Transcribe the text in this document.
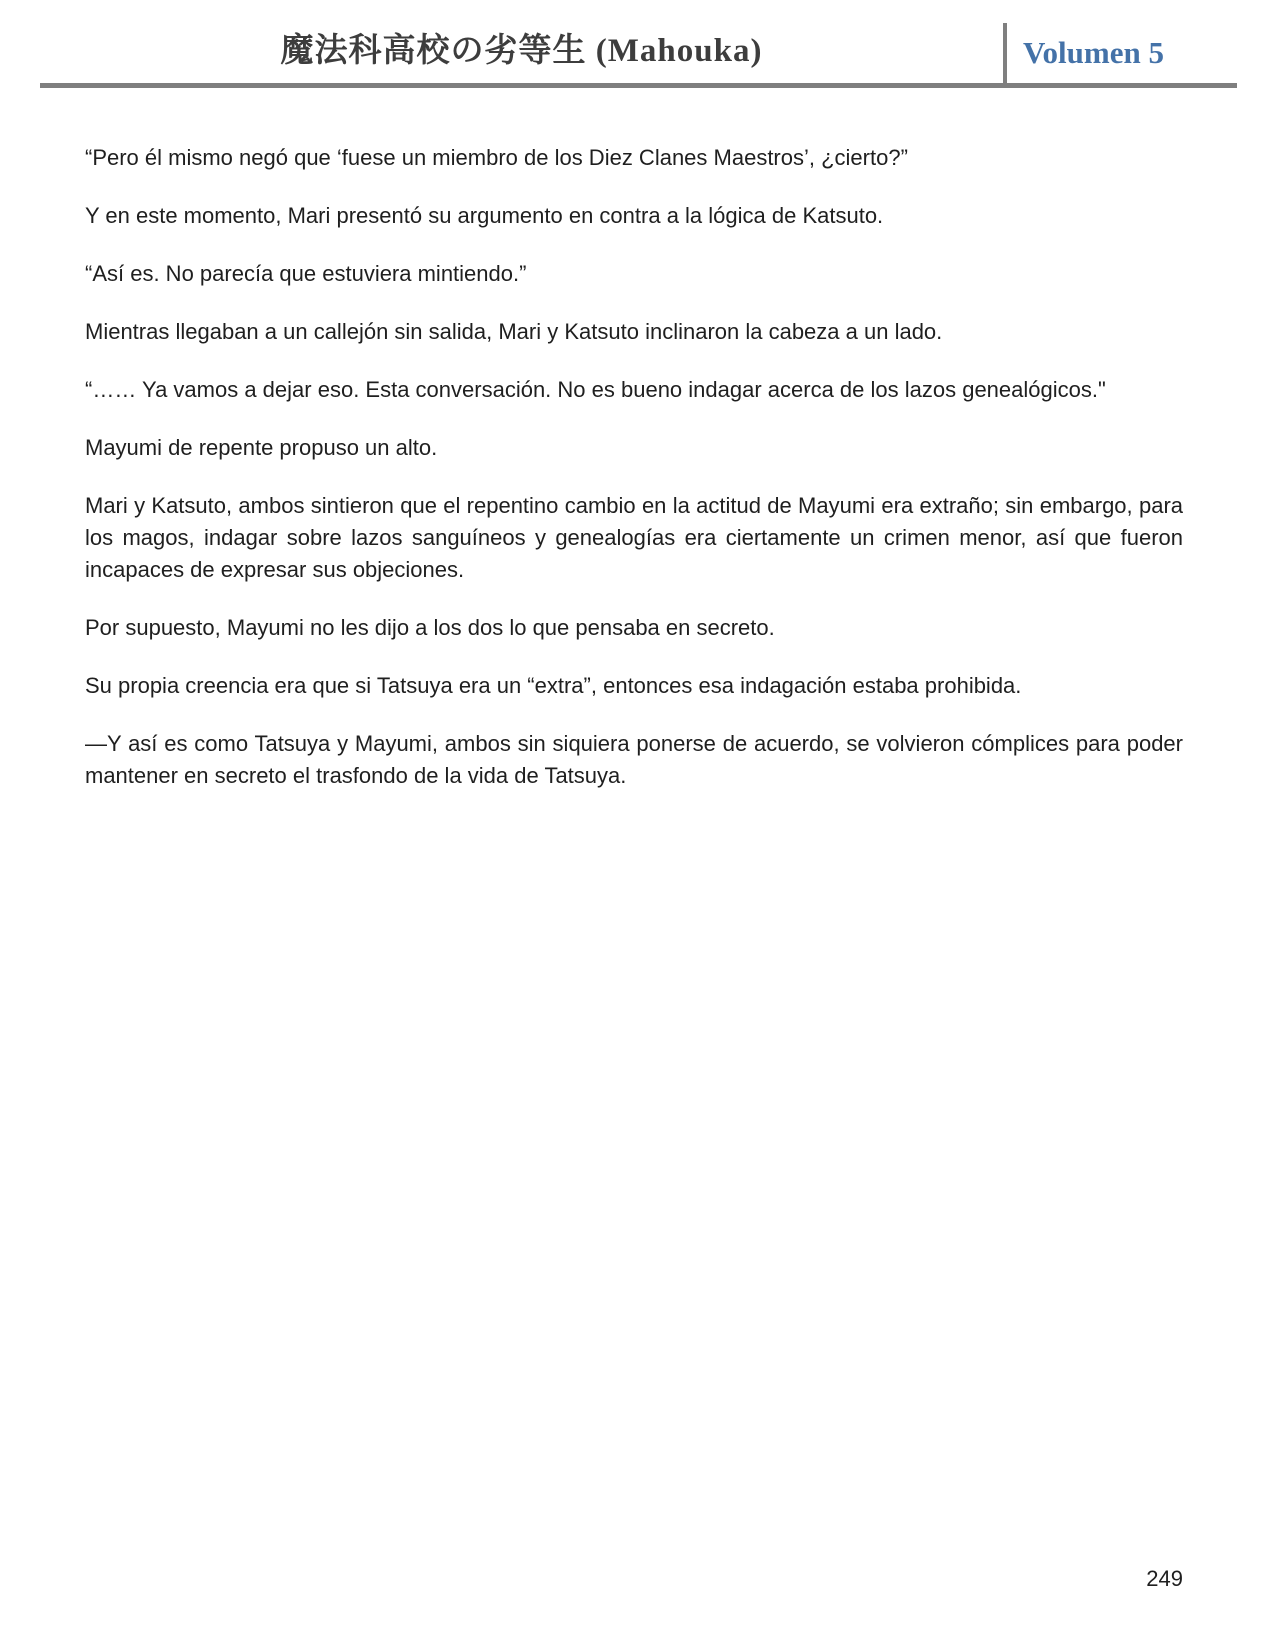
魔法科高校の劣等生 (Mahouka)	Volumen 5

“Pero él mismo negó que ‘fuese un miembro de los Diez Clanes Maestros’, ¿cierto?”

Y en este momento, Mari presentó su argumento en contra a la lógica de Katsuto.

“Así es. No parecía que estuviera mintiendo.”

Mientras llegaban a un callejón sin salida, Mari y Katsuto inclinaron la cabeza a un lado.

“…… Ya vamos a dejar eso. Esta conversación. No es bueno indagar acerca de los lazos genealógicos."

Mayumi de repente propuso un alto.

Mari y Katsuto, ambos sintieron que el repentino cambio en la actitud de Mayumi era extraño; sin embargo, para los magos, indagar sobre lazos sanguíneos y genealogías era ciertamente un crimen menor, así que fueron incapaces de expresar sus objeciones.

Por supuesto, Mayumi no les dijo a los dos lo que pensaba en secreto.

Su propia creencia era que si Tatsuya era un “extra”, entonces esa indagación estaba prohibida.

—Y así es como Tatsuya y Mayumi, ambos sin siquiera ponerse de acuerdo, se volvieron cómplices para poder mantener en secreto el trasfondo de la vida de Tatsuya.

249
